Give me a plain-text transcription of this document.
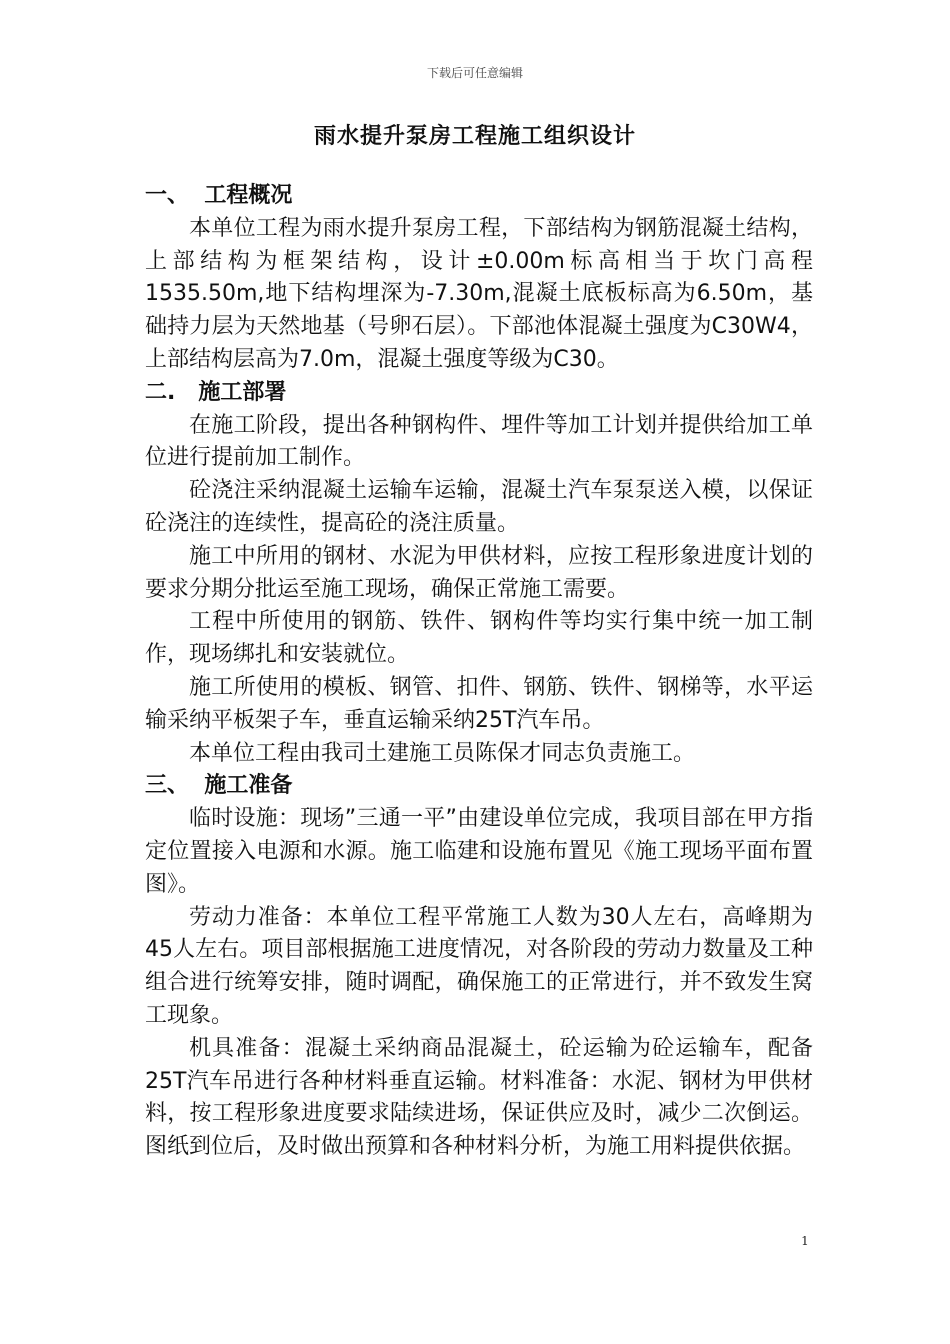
下载后可任意编辑
雨水提升泵房工程施工组织设计

一、  工程概况

本单位工程为雨水提升泵房工程，下部结构为钢筋混凝土结构，上部结构为框架结构，设计±0.00m标高相当于坎门高程1535.50m,地下结构埋深为-7.30m,混凝土底板标高为6.50m，基础持力层为天然地基（号卵石层）。下部池体混凝土强度为C30W4，上部结构层高为7.0m，混凝土强度等级为C30。

二.   施工部署

在施工阶段，提出各种钢构件、埋件等加工计划并提供给加工单位进行提前加工制作。

砼浇注采纳混凝土运输车运输，混凝土汽车泵泵送入模，以保证砼浇注的连续性，提高砼的浇注质量。

施工中所用的钢材、水泥为甲供材料，应按工程形象进度计划的要求分期分批运至施工现场，确保正常施工需要。

工程中所使用的钢筋、铁件、钢构件等均实行集中统一加工制作，现场绑扎和安装就位。

施工所使用的模板、钢管、扣件、钢筋、铁件、钢梯等，水平运输采纳平板架子车，垂直运输采纳25T汽车吊。

本单位工程由我司土建施工员陈保才同志负责施工。

三、  施工准备

临时设施：现场”三通一平”由建设单位完成，我项目部在甲方指定位置接入电源和水源。施工临建和设施布置见《施工现场平面布置图》。

劳动力准备：本单位工程平常施工人数为30人左右，高峰期为45人左右。项目部根据施工进度情况，对各阶段的劳动力数量及工种组合进行统筹安排，随时调配，确保施工的正常进行，并不致发生窝工现象。

机具准备：混凝土采纳商品混凝土，砼运输为砼运输车，配备25T汽车吊进行各种材料垂直运输。材料准备：水泥、钢材为甲供材料，按工程形象进度要求陆续进场，保证供应及时，减少二次倒运。图纸到位后，及时做出预算和各种材料分析，为施工用料提供依据。

1
